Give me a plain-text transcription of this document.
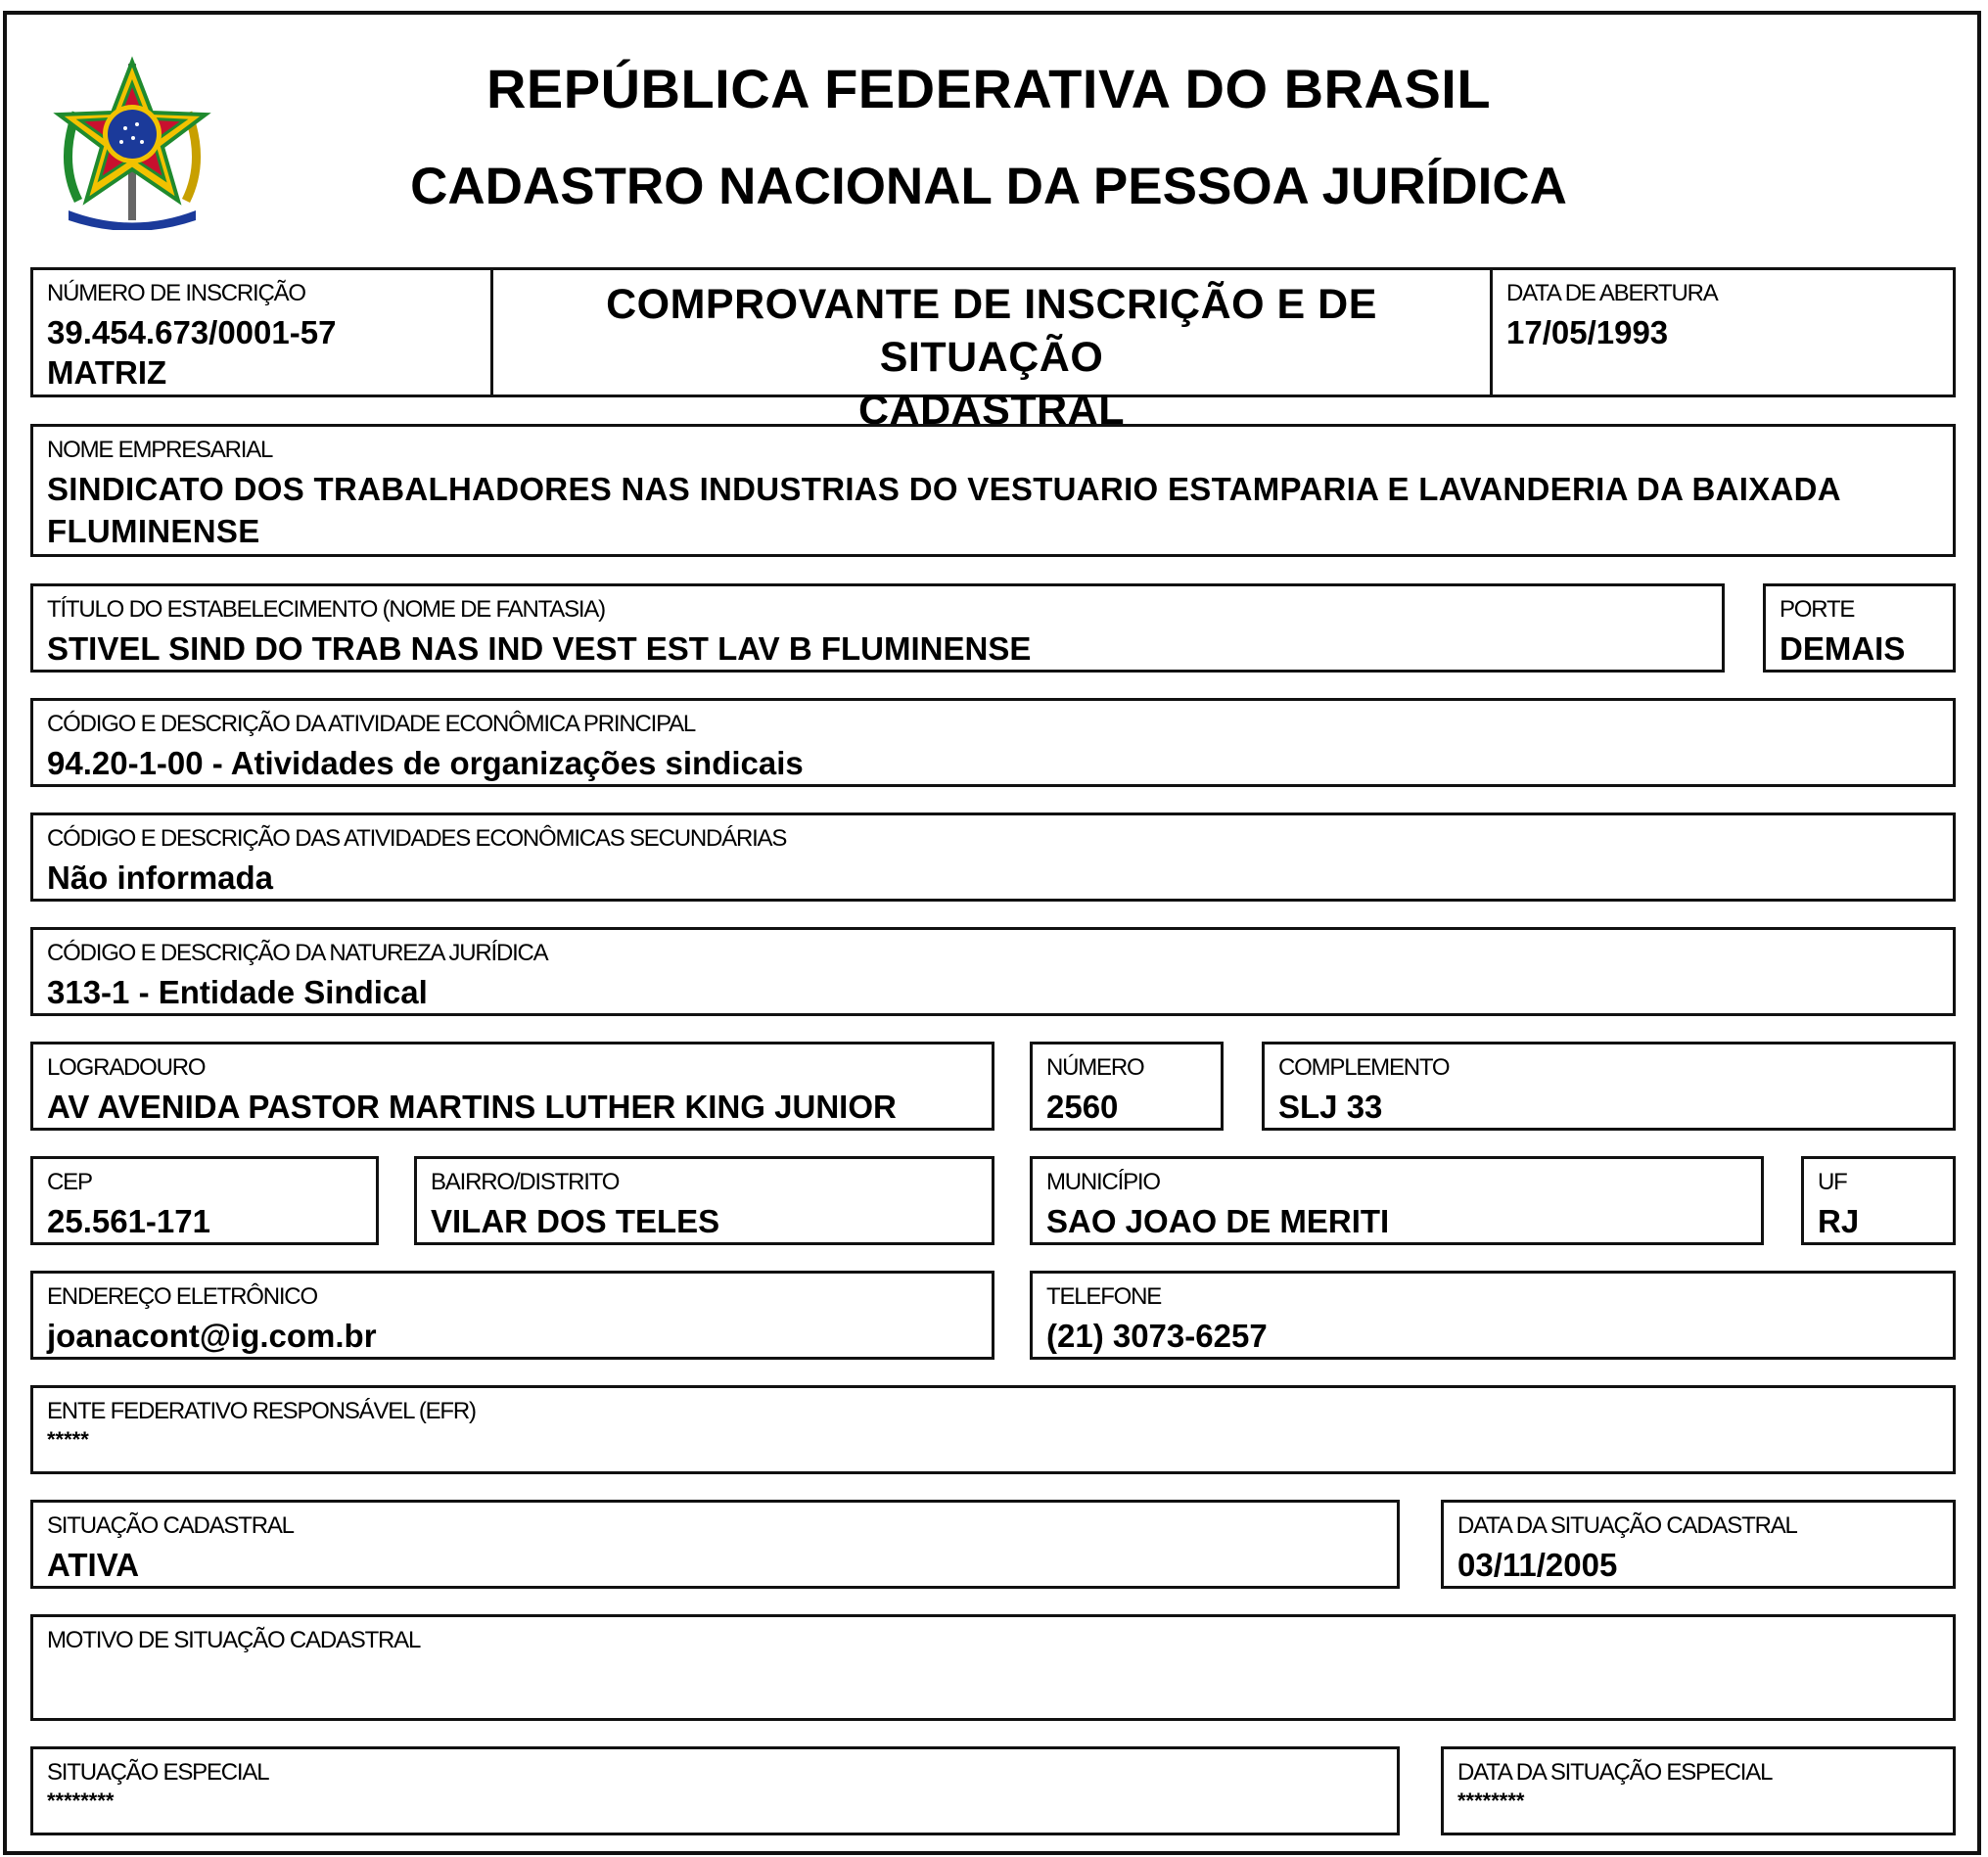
REPÚBLICA FEDERATIVA DO BRASIL
CADASTRO NACIONAL DA PESSOA JURÍDICA
NÚMERO DE INSCRIÇÃO
39.454.673/0001-57
MATRIZ
COMPROVANTE DE INSCRIÇÃO E DE SITUAÇÃO
CADASTRAL
DATA DE ABERTURA
17/05/1993
NOME EMPRESARIAL
SINDICATO DOS TRABALHADORES NAS INDUSTRIAS DO VESTUARIO ESTAMPARIA E LAVANDERIA DA BAIXADA FLUMINENSE
TÍTULO DO ESTABELECIMENTO (NOME DE FANTASIA)
STIVEL SIND DO TRAB NAS IND VEST EST LAV B FLUMINENSE
PORTE
DEMAIS
CÓDIGO E DESCRIÇÃO DA ATIVIDADE ECONÔMICA PRINCIPAL
94.20-1-00 - Atividades de organizações sindicais
CÓDIGO E DESCRIÇÃO DAS ATIVIDADES ECONÔMICAS SECUNDÁRIAS
Não informada
CÓDIGO E DESCRIÇÃO DA NATUREZA JURÍDICA
313-1 - Entidade Sindical
LOGRADOURO
AV AVENIDA PASTOR MARTINS LUTHER KING JUNIOR
NÚMERO
2560
COMPLEMENTO
SLJ 33
CEP
25.561-171
BAIRRO/DISTRITO
VILAR DOS TELES
MUNICÍPIO
SAO JOAO DE MERITI
UF
RJ
ENDEREÇO ELETRÔNICO
joanacont@ig.com.br
TELEFONE
(21) 3073-6257
ENTE FEDERATIVO RESPONSÁVEL (EFR)
*****
SITUAÇÃO CADASTRAL
ATIVA
DATA DA SITUAÇÃO CADASTRAL
03/11/2005
MOTIVO DE SITUAÇÃO CADASTRAL
SITUAÇÃO ESPECIAL
********
DATA DA SITUAÇÃO ESPECIAL
********
